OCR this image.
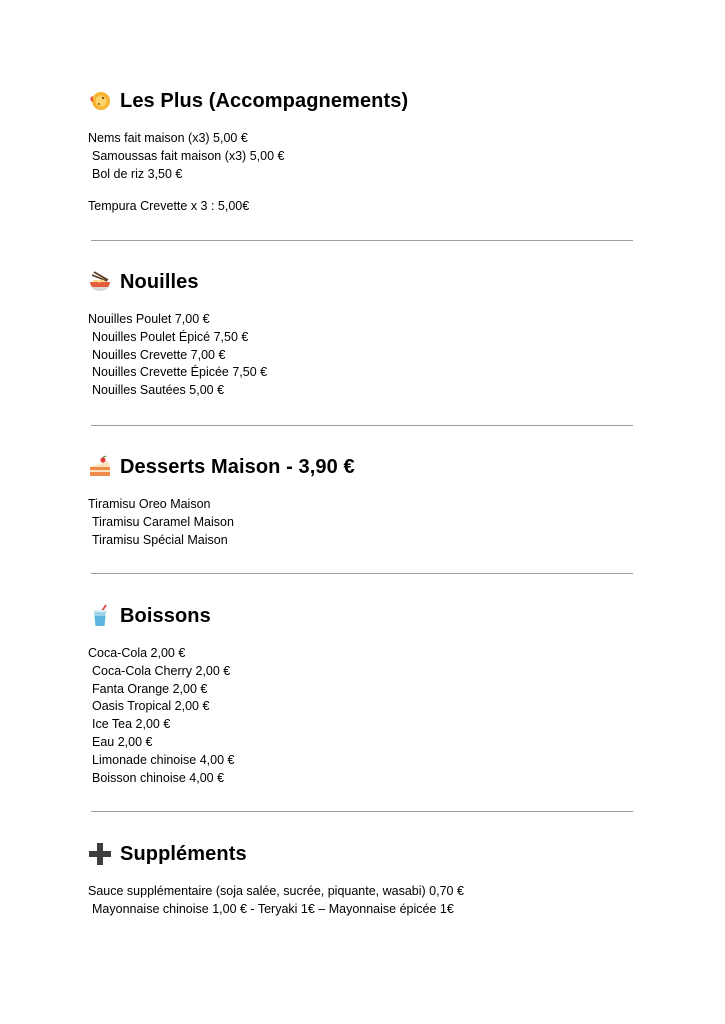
Les Plus (Accompagnements)
Nems fait maison (x3) 5,00 €
Samoussas fait maison (x3) 5,00 €
Bol de riz 3,50 €
Tempura Crevette x 3 : 5,00€
Nouilles
Nouilles Poulet 7,00 €
Nouilles Poulet Épicé 7,50 €
Nouilles Crevette 7,00 €
Nouilles Crevette Épicée 7,50 €
Nouilles Sautées 5,00 €
Desserts Maison - 3,90 €
Tiramisu Oreo Maison
Tiramisu Caramel Maison
Tiramisu Spécial Maison
Boissons
Coca-Cola 2,00 €
Coca-Cola Cherry 2,00 €
Fanta Orange 2,00 €
Oasis Tropical 2,00 €
Ice Tea 2,00 €
Eau 2,00 €
Limonade chinoise 4,00 €
Boisson chinoise 4,00 €
Suppléments
Sauce supplémentaire (soja salée, sucrée, piquante, wasabi) 0,70 €
Mayonnaise chinoise 1,00 € - Teryaki 1€ – Mayonnaise épicée 1€
